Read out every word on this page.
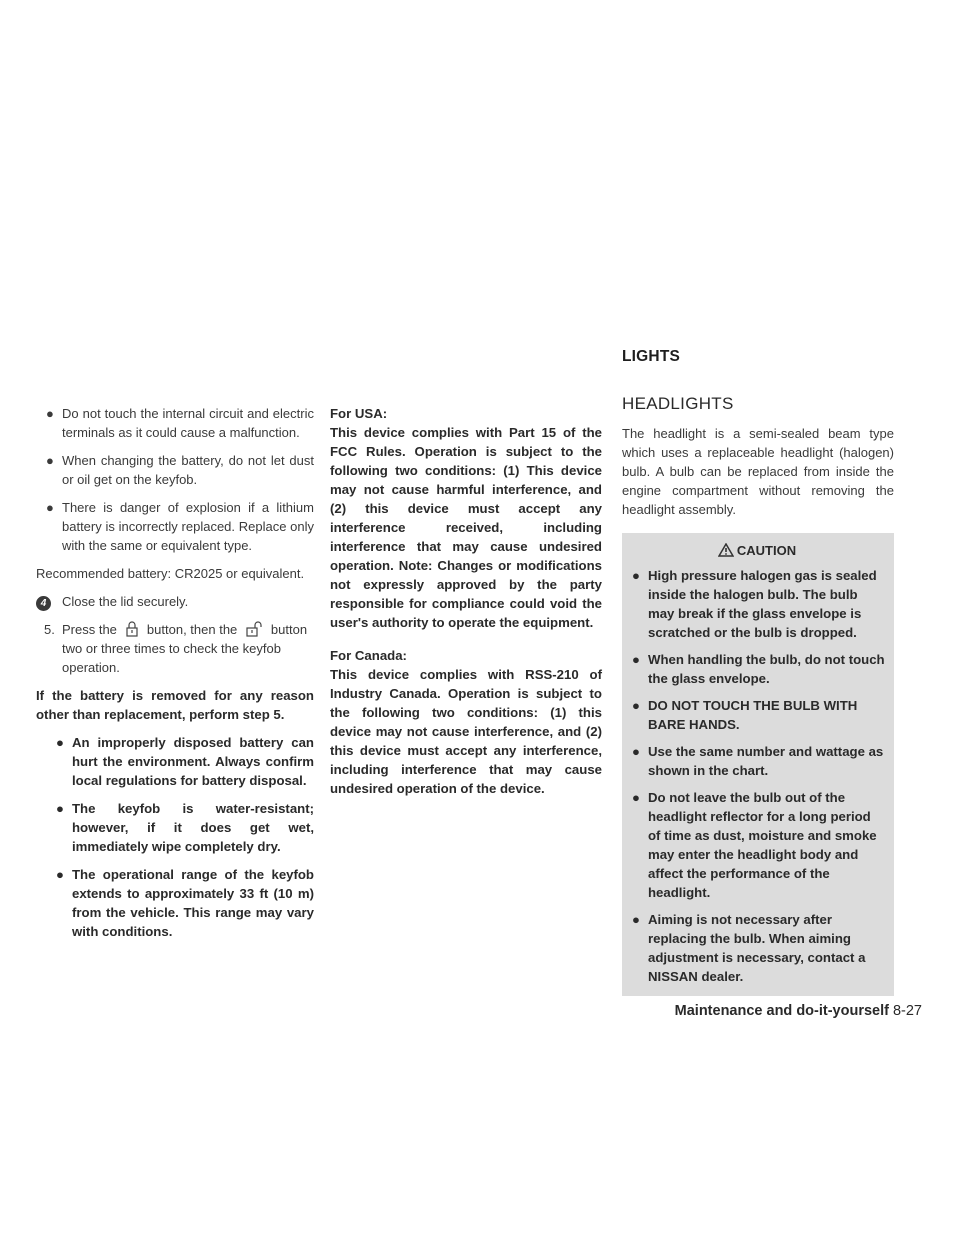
● Do not touch the internal circuit and electric terminals as it could cause a malfunction.
● When changing the battery, do not let dust or oil get on the keyfob.
● There is danger of explosion if a lithium battery is incorrectly replaced. Replace only with the same or equivalent type.
Recommended battery: CR2025 or equivalent.
4	Close the lid securely.
5. Press the button, then the	button two or three times to check the keyfob operation.
If the battery is removed for any reason other than replacement, perform step 5.
● An improperly disposed battery can hurt the environment. Always confirm local regulations for battery disposal.
● The keyfob is water-resistant; however, if it does get wet, immediately wipe completely dry.
● The operational range of the keyfob extends to approximately 33 ft (10 m) from the vehicle. This range may vary with conditions.
For USA:
This device complies with Part 15 of the FCC Rules. Operation is subject to the following two conditions: (1) This device may not cause harmful interference, and (2) this device must accept any interference received, including interference that may cause undesired operation. Note: Changes or modifications not expressly approved by the party responsible for compliance could void the user's authority to operate the equipment.
For Canada:
This device complies with RSS-210 of Industry Canada. Operation is subject to the following two conditions: (1) this device may not cause interference, and (2) this device must accept any interference, including interference that may cause undesired operation of the device.
LIGHTS
HEADLIGHTS
The headlight is a semi-sealed beam type which uses a replaceable headlight (halogen) bulb. A bulb can be replaced from inside the engine compartment without removing the headlight assembly.
CAUTION
● High pressure halogen gas is sealed inside the halogen bulb. The bulb may break if the glass envelope is scratched or the bulb is dropped.
● When handling the bulb, do not touch the glass envelope.
● DO NOT TOUCH THE BULB WITH BARE HANDS.
● Use the same number and wattage as shown in the chart.
● Do not leave the bulb out of the headlight reflector for a long period of time as dust, moisture and smoke may enter the headlight body and affect the performance of the headlight.
● Aiming is not necessary after replacing the bulb. When aiming adjustment is necessary, contact a NISSAN dealer.
Maintenance and do-it-yourself 8-27
